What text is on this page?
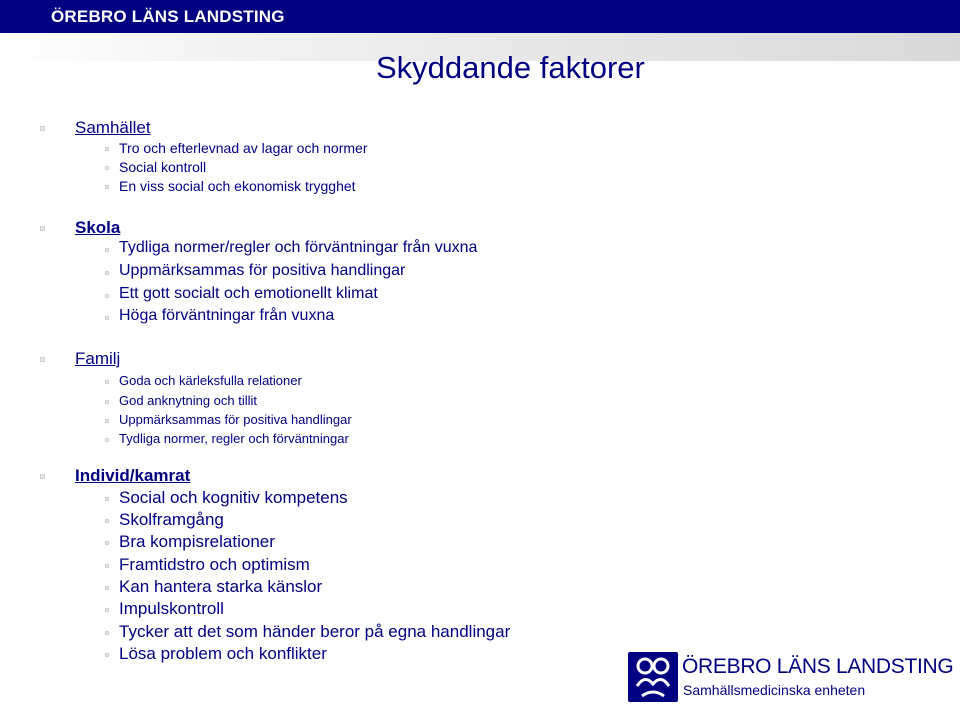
ÖREBRO LÄNS LANDSTING
Skyddande faktorer
Samhället
Tro och efterlevnad av lagar och normer
Social kontroll
En viss social och ekonomisk trygghet
Skola
Tydliga normer/regler och förväntningar från vuxna
Uppmärksammas för positiva handlingar
Ett gott socialt och emotionellt klimat
Höga förväntningar från vuxna
Familj
Goda och kärleksfulla relationer
God anknytning och tillit
Uppmärksammas för positiva handlingar
Tydliga normer, regler och förväntningar
Individ/kamrat
Social och kognitiv kompetens
Skolframgång
Bra kompisrelationer
Framtidstro och optimism
Kan hantera starka känslor
Impulskontroll
Tycker att det som händer beror på egna handlingar
Lösa problem och konflikter
ÖREBRO LÄNS LANDSTING
Samhällsmedicinska enheten
